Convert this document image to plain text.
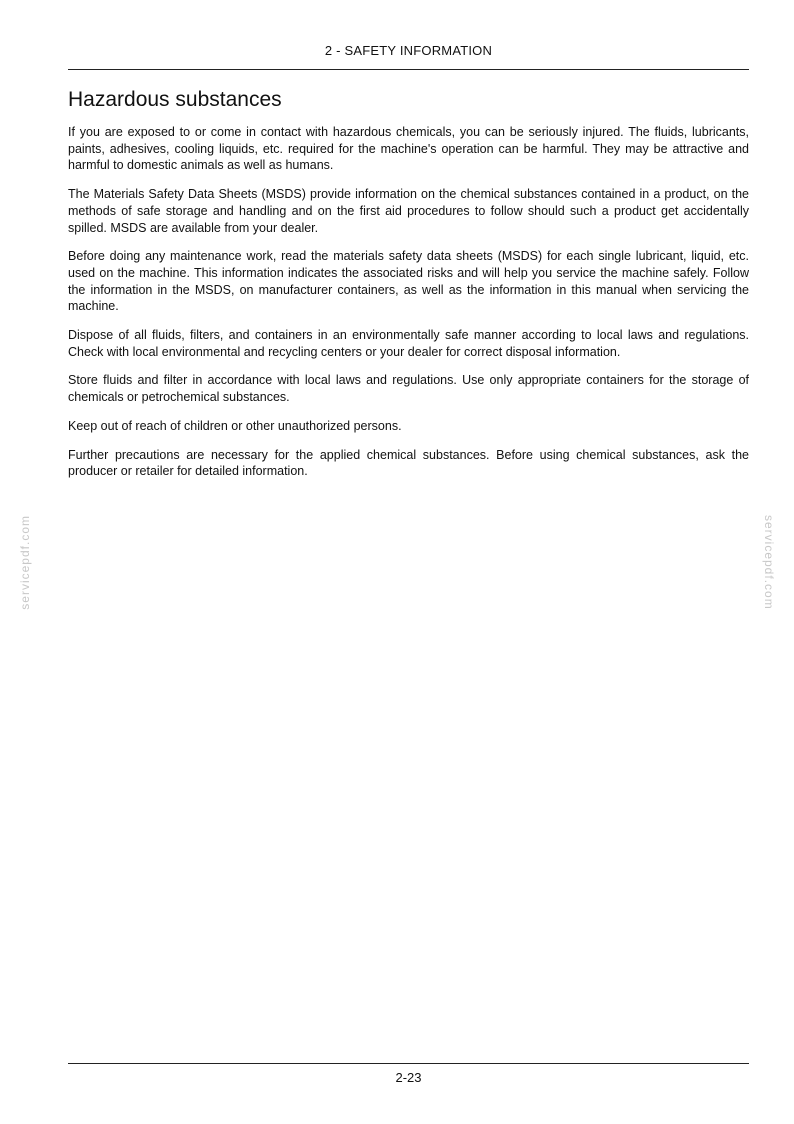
2 - SAFETY INFORMATION
Hazardous substances

If you are exposed to or come in contact with hazardous chemicals, you can be seriously injured. The fluids, lubricants, paints, adhesives, cooling liquids, etc. required for the machine's operation can be harmful. They may be attractive and harmful to domestic animals as well as humans.

The Materials Safety Data Sheets (MSDS) provide information on the chemical substances contained in a product, on the methods of safe storage and handling and on the first aid procedures to follow should such a product get accidentally spilled. MSDS are available from your dealer.

Before doing any maintenance work, read the materials safety data sheets (MSDS) for each single lubricant, liquid, etc. used on the machine. This information indicates the associated risks and will help you service the machine safely. Follow the information in the MSDS, on manufacturer containers, as well as the information in this manual when servicing the machine.

Dispose of all fluids, filters, and containers in an environmentally safe manner according to local laws and regulations. Check with local environmental and recycling centers or your dealer for correct disposal information.

Store fluids and filter in accordance with local laws and regulations. Use only appropriate containers for the storage of chemicals or petrochemical substances.

Keep out of reach of children or other unauthorized persons.

Further precautions are necessary for the applied chemical substances. Before using chemical substances, ask the producer or retailer for detailed information.

servicepdf.com	servicepdf.com
2-23
